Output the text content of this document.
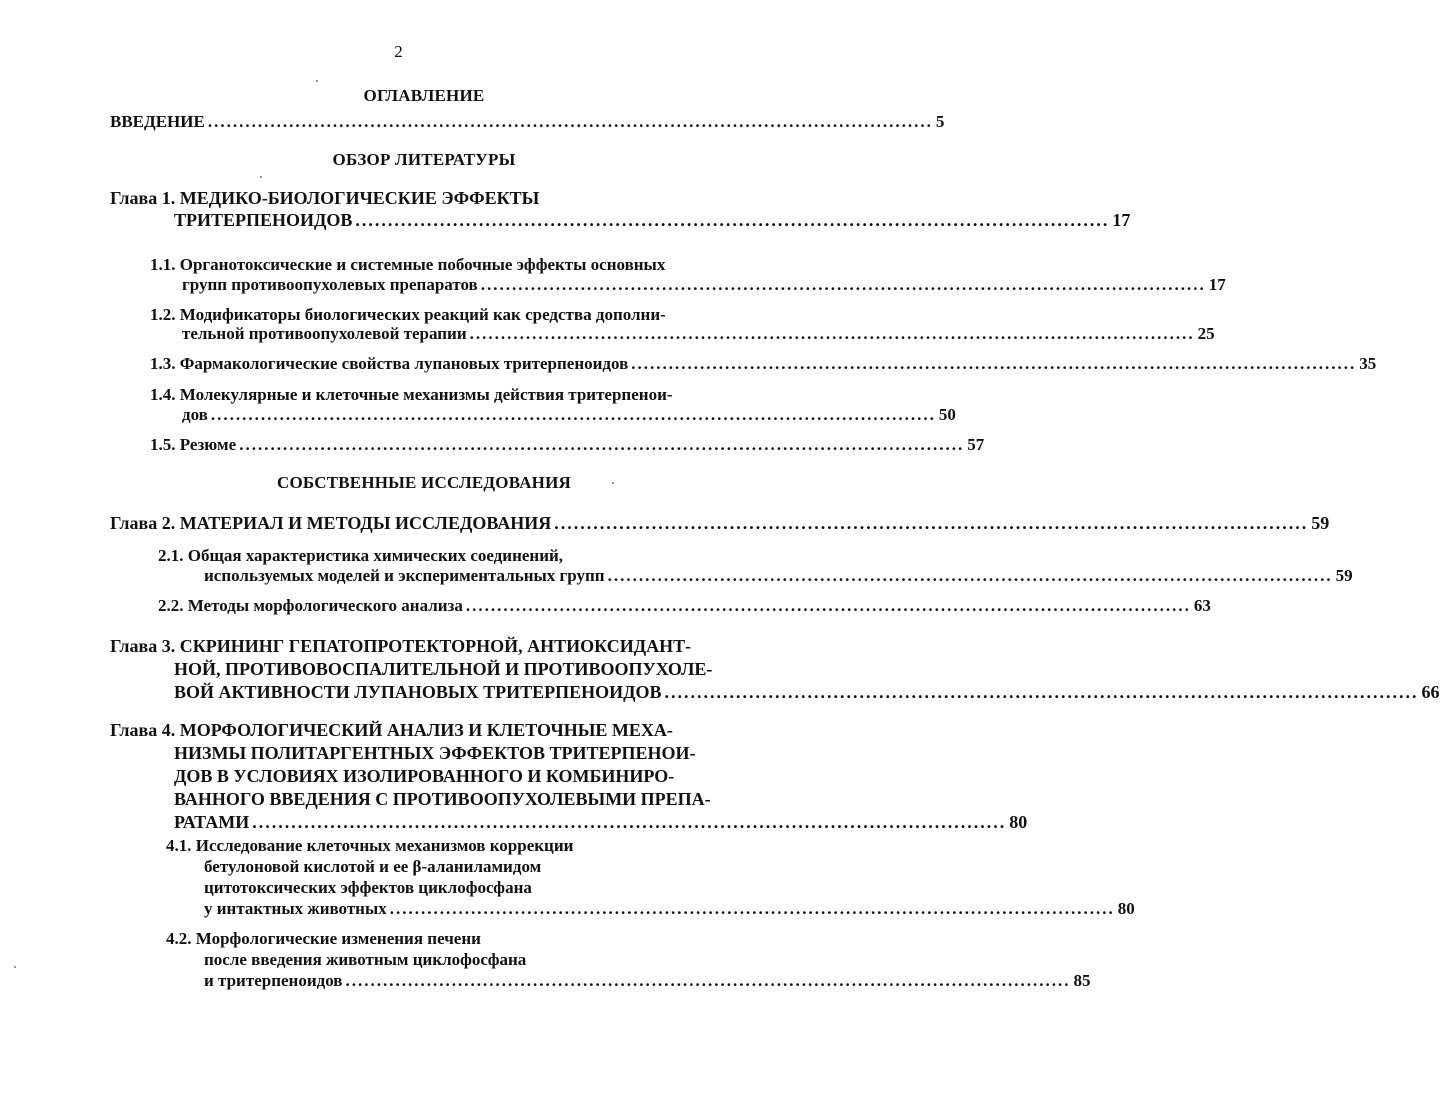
2
ОГЛАВЛЕНИЕ
ВВЕДЕНИЕ .................................................................................................................... 5
ОБЗОР ЛИТЕРАТУРЫ
Глава 1. МЕДИКО-БИОЛОГИЧЕСКИЕ ЭФФЕКТЫ
ТРИТЕРПЕНОИДОВ .................................................................................................................... 17
1.1. Органотоксические и системные побочные эффекты основных
групп противоопухолевых препаратов .................................................................................................................... 17
1.2. Модификаторы биологических реакций как средства дополни-
тельной противоопухолевой терапии .................................................................................................................... 25
1.3. Фармакологические свойства лупановых тритерпеноидов .................................................................................................................... 35
1.4. Молекулярные и клеточные механизмы действия тритерпенои-
дов .................................................................................................................... 50
1.5. Резюме .................................................................................................................... 57
СОБСТВЕННЫЕ ИССЛЕДОВАНИЯ
Глава 2. МАТЕРИАЛ И МЕТОДЫ ИССЛЕДОВАНИЯ .................................................................................................................... 59
2.1. Общая характеристика химических соединений,
используемых моделей и экспериментальных групп .................................................................................................................... 59
2.2. Методы морфологического анализа .................................................................................................................... 63
Глава 3. СКРИНИНГ ГЕПАТОПРОТЕКТОРНОЙ, АНТИОКСИДАНТ-
НОЙ, ПРОТИВОВОСПАЛИТЕЛЬНОЙ И ПРОТИВООПУХОЛЕ-
ВОЙ АКТИВНОСТИ ЛУПАНОВЫХ ТРИТЕРПЕНОИДОВ .................................................................................................................... 66
Глава 4. МОРФОЛОГИЧЕСКИЙ АНАЛИЗ И КЛЕТОЧНЫЕ МЕХА-
НИЗМЫ ПОЛИТАРГЕНТНЫХ ЭФФЕКТОВ ТРИТЕРПЕНОИ-
ДОВ В УСЛОВИЯХ ИЗОЛИРОВАННОГО И КОМБИНИРО-
ВАННОГО ВВЕДЕНИЯ С ПРОТИВООПУХОЛЕВЫМИ ПРЕПА-
РАТАМИ .................................................................................................................... 80
4.1. Исследование клеточных механизмов коррекции
бетулоновой кислотой и ее β-аланиламидом
цитотоксических эффектов циклофосфана
у интактных животных .................................................................................................................... 80
4.2. Морфологические изменения печени
после введения животным циклофосфана
и тритерпеноидов .................................................................................................................... 85
